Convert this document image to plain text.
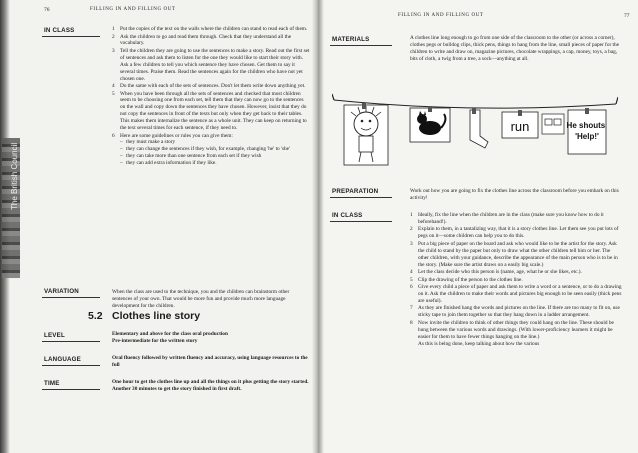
The British Council
76	FILLING IN AND FILLING OUT
IN CLASS	1 Put the copies of the text on the walls where the children can stand to read each of them.
2 Ask the children to go and read them through. Check that they understand all the vocabulary.
3 Tell the children they are going to use the sentences to make a story. Read out the first set of sentences and ask them to listen for the one they would like to start their story with. Ask a few children to tell you which sentence they have chosen. Get them to say it several times. Praise them. Read the sentences again for the children who have not yet chosen one.
4 Do the same with each of the sets of sentences. Don't let them write down anything yet.
5 When you have been through all the sets of sentences and checked that most children seem to be choosing one from each set, tell them that they can now go to the sentences on the wall and copy down the sentences they have chosen. However, insist that they do not copy the sentences in front of the texts but only when they get back to their tables. This makes them internalize the sentence as a whole unit. They can keep on returning to the text several times for each sentence, if they need to.
6 Here are some guidelines or rules you can give them:
– they must make a story
– they can change the sentences if they wish, for example, changing 'he' to 'she'
– they can take more than one sentence from each set if they wish
– they can add extra information if they like.
VARIATION	When the class are used to the technique, you and the children can brainstorm other sentences of your own. That would be more fun and provide much more language development for the children.
5.2 Clothes line story
LEVEL	Elementary and above for the class oral production
Pre-intermediate for the written story
LANGUAGE	Oral fluency followed by written fluency and accuracy, using language resources to the full
TIME	One hour to get the clothes line up and all the things on it plus getting the story started. Another 30 minutes to get the story finished in first draft.
FILLING IN AND FILLING OUT	77
MATERIALS	A clothes line long enough to go from one side of the classroom to the other (or across a corner), clothes pegs or bulldog clips, thick pens, things to hang from the line, small pieces of paper for the children to write and draw on, magazine pictures, chocolate wrappings, a cap, money, toys, a bag, bits of cloth, a twig from a tree, a sock—anything at all.
run	He shouts 'Help!'
PREPARATION	Work out how you are going to fix the clothes line across the classroom before you embark on this activity!
IN CLASS	1 Ideally, fix the line when the children are in the class (make sure you know how to do it beforehand!).
2 Explain to them, in a tantalizing way, that it is a story clothes line. Let them see you put lots of pegs on it—some children can help you to do this.
3 Put a big piece of paper on the board and ask who would like to be the artist for the story. Ask the child to stand by the paper but only to draw what the other children tell him or her. The other children, with your guidance, describe the appearance of the main person who is to be in the story. (Make sure the artist draws on a easily big scale.)
4 Let the class decide who this person is (name, age, what he or she likes, etc.).
5 Clip the drawing of the person to the clothes line.
6 Give every child a piece of paper and ask them to write a word or a sentence, or to do a drawing on it. Ask the children to make their words and pictures big enough to be seen easily (thick pens are useful).
7 As they are finished hang the words and pictures on the line. If there are too many to fit on, use sticky tape to join them together so that they hang down in a ladder arrangement.
8 Now invite the children to think of other things they could hang on the line. These should be hung between the various words and drawings. (With lower-proficiency learners it might be easier for them to have fewer things hanging on the line.)
As this is being done, keep talking about how the various
